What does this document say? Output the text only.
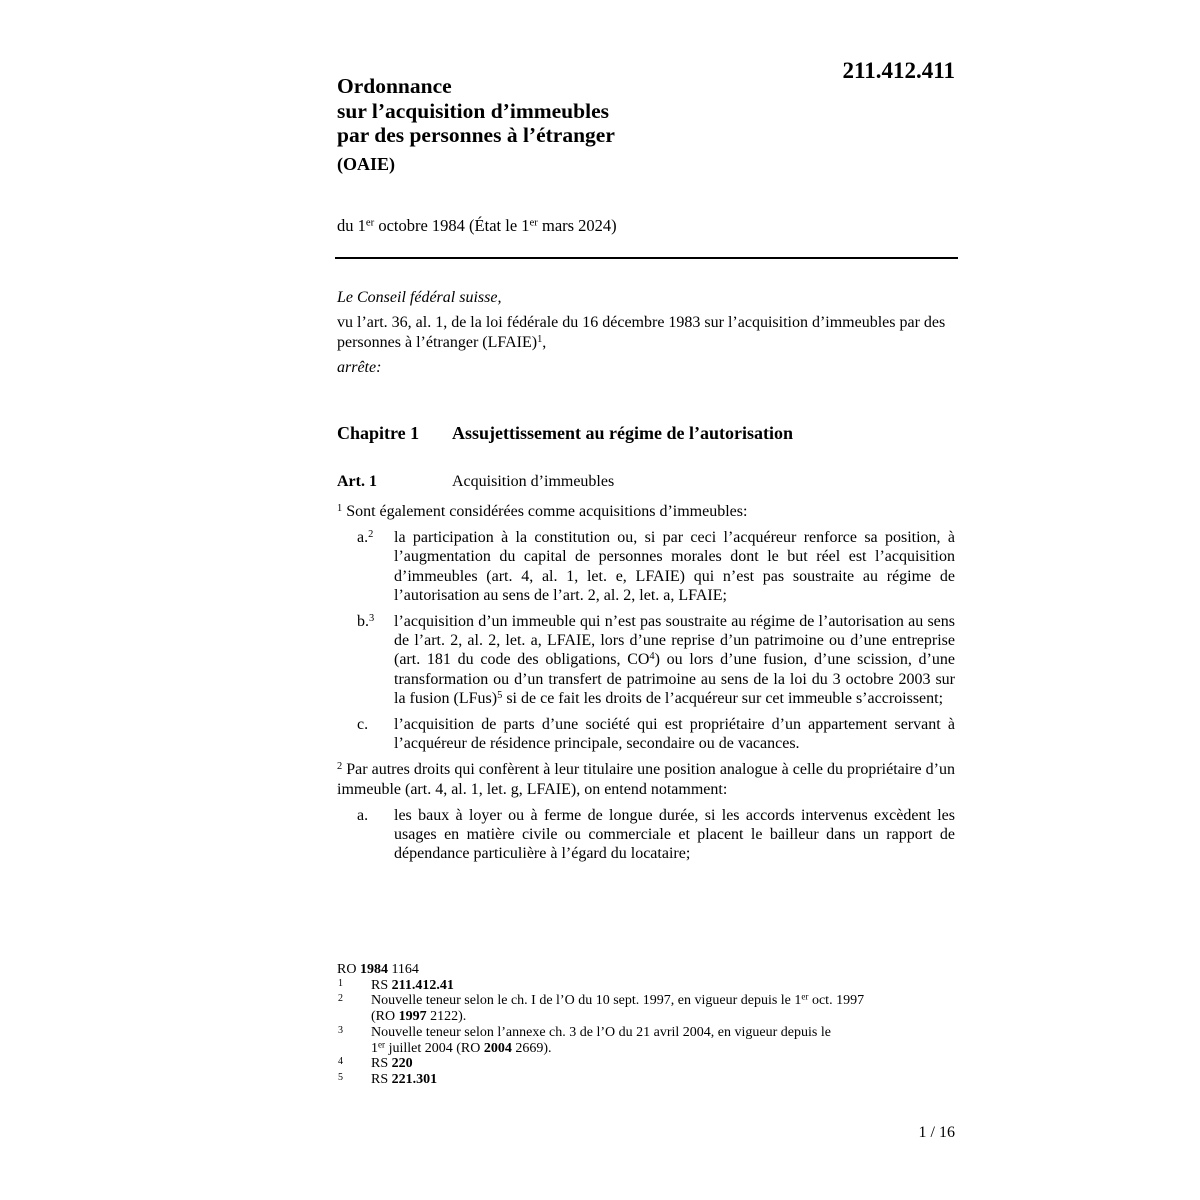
211.412.411
Ordonnance
sur l’acquisition d’immeubles
par des personnes à l’étranger
(OAIE)
du 1er octobre 1984 (État le 1er mars 2024)

Le Conseil fédéral suisse,

vu l’art. 36, al. 1, de la loi fédérale du 16 décembre 1983 sur l’acquisition d’immeubles par des personnes à l’étranger (LFAIE)$^1$,

arrête:

Chapitre 1 Assujettissement au régime de l’autorisation
Art. 1	Acquisition d’immeubles

$^1$ Sont également considérées comme acquisitions d’immeubles:

a.$^2$ la participation à la constitution ou, si par ceci l’acquéreur renforce sa position, à l’augmentation du capital de personnes morales dont le but réel est l’acquisition d’immeubles (art. 4, al. 1, let. e, LFAIE) qui n’est pas soustraite au régime de l’autorisation au sens de l’art. 2, al. 2, let. a, LFAIE;
b.$^3$ l’acquisition d’un immeuble qui n’est pas soustraite au régime de l’autorisation au sens de l’art. 2, al. 2, let. a, LFAIE, lors d’une reprise d’un patrimoine ou d’une entreprise (art. 181 du code des obligations, $CO^4$) ou lors d’une fusion, d’une scission, d’une transformation ou d’un transfert de patrimoine au sens de la loi du 3 octobre 2003 sur la fusion (LFus)$^5$ si de ce fait les droits de l’acquéreur sur cet immeuble s’accroissent;
c. l’acquisition de parts d’une société qui est propriétaire d’un appartement servant à l’acquéreur de résidence principale, secondaire ou de vacances.

$^2$ Par autres droits qui confèrent à leur titulaire une position analogue à celle du propriétaire d’un immeuble (art. 4, al. 1, let. g, LFAIE), on entend notamment:

a. les baux à loyer ou à ferme de longue durée, si les accords intervenus excèdent les usages en matière civile ou commerciale et placent le bailleur dans un rapport de dépendance particulière à l’égard du locataire;
RO 1984 1164
1 RS 211.412.41
2 Nouvelle teneur selon le ch. I de l’O du 10 sept. 1997, en vigueur depuis le 1er oct. 1997
(RO 1997 2122).
3 Nouvelle teneur selon l’annexe ch. 3 de l’O du 21 avril 2004, en vigueur depuis le
1er juillet 2004 (RO 2004 2669).
4 RS 220
5 RS 221.301
1 / 16
